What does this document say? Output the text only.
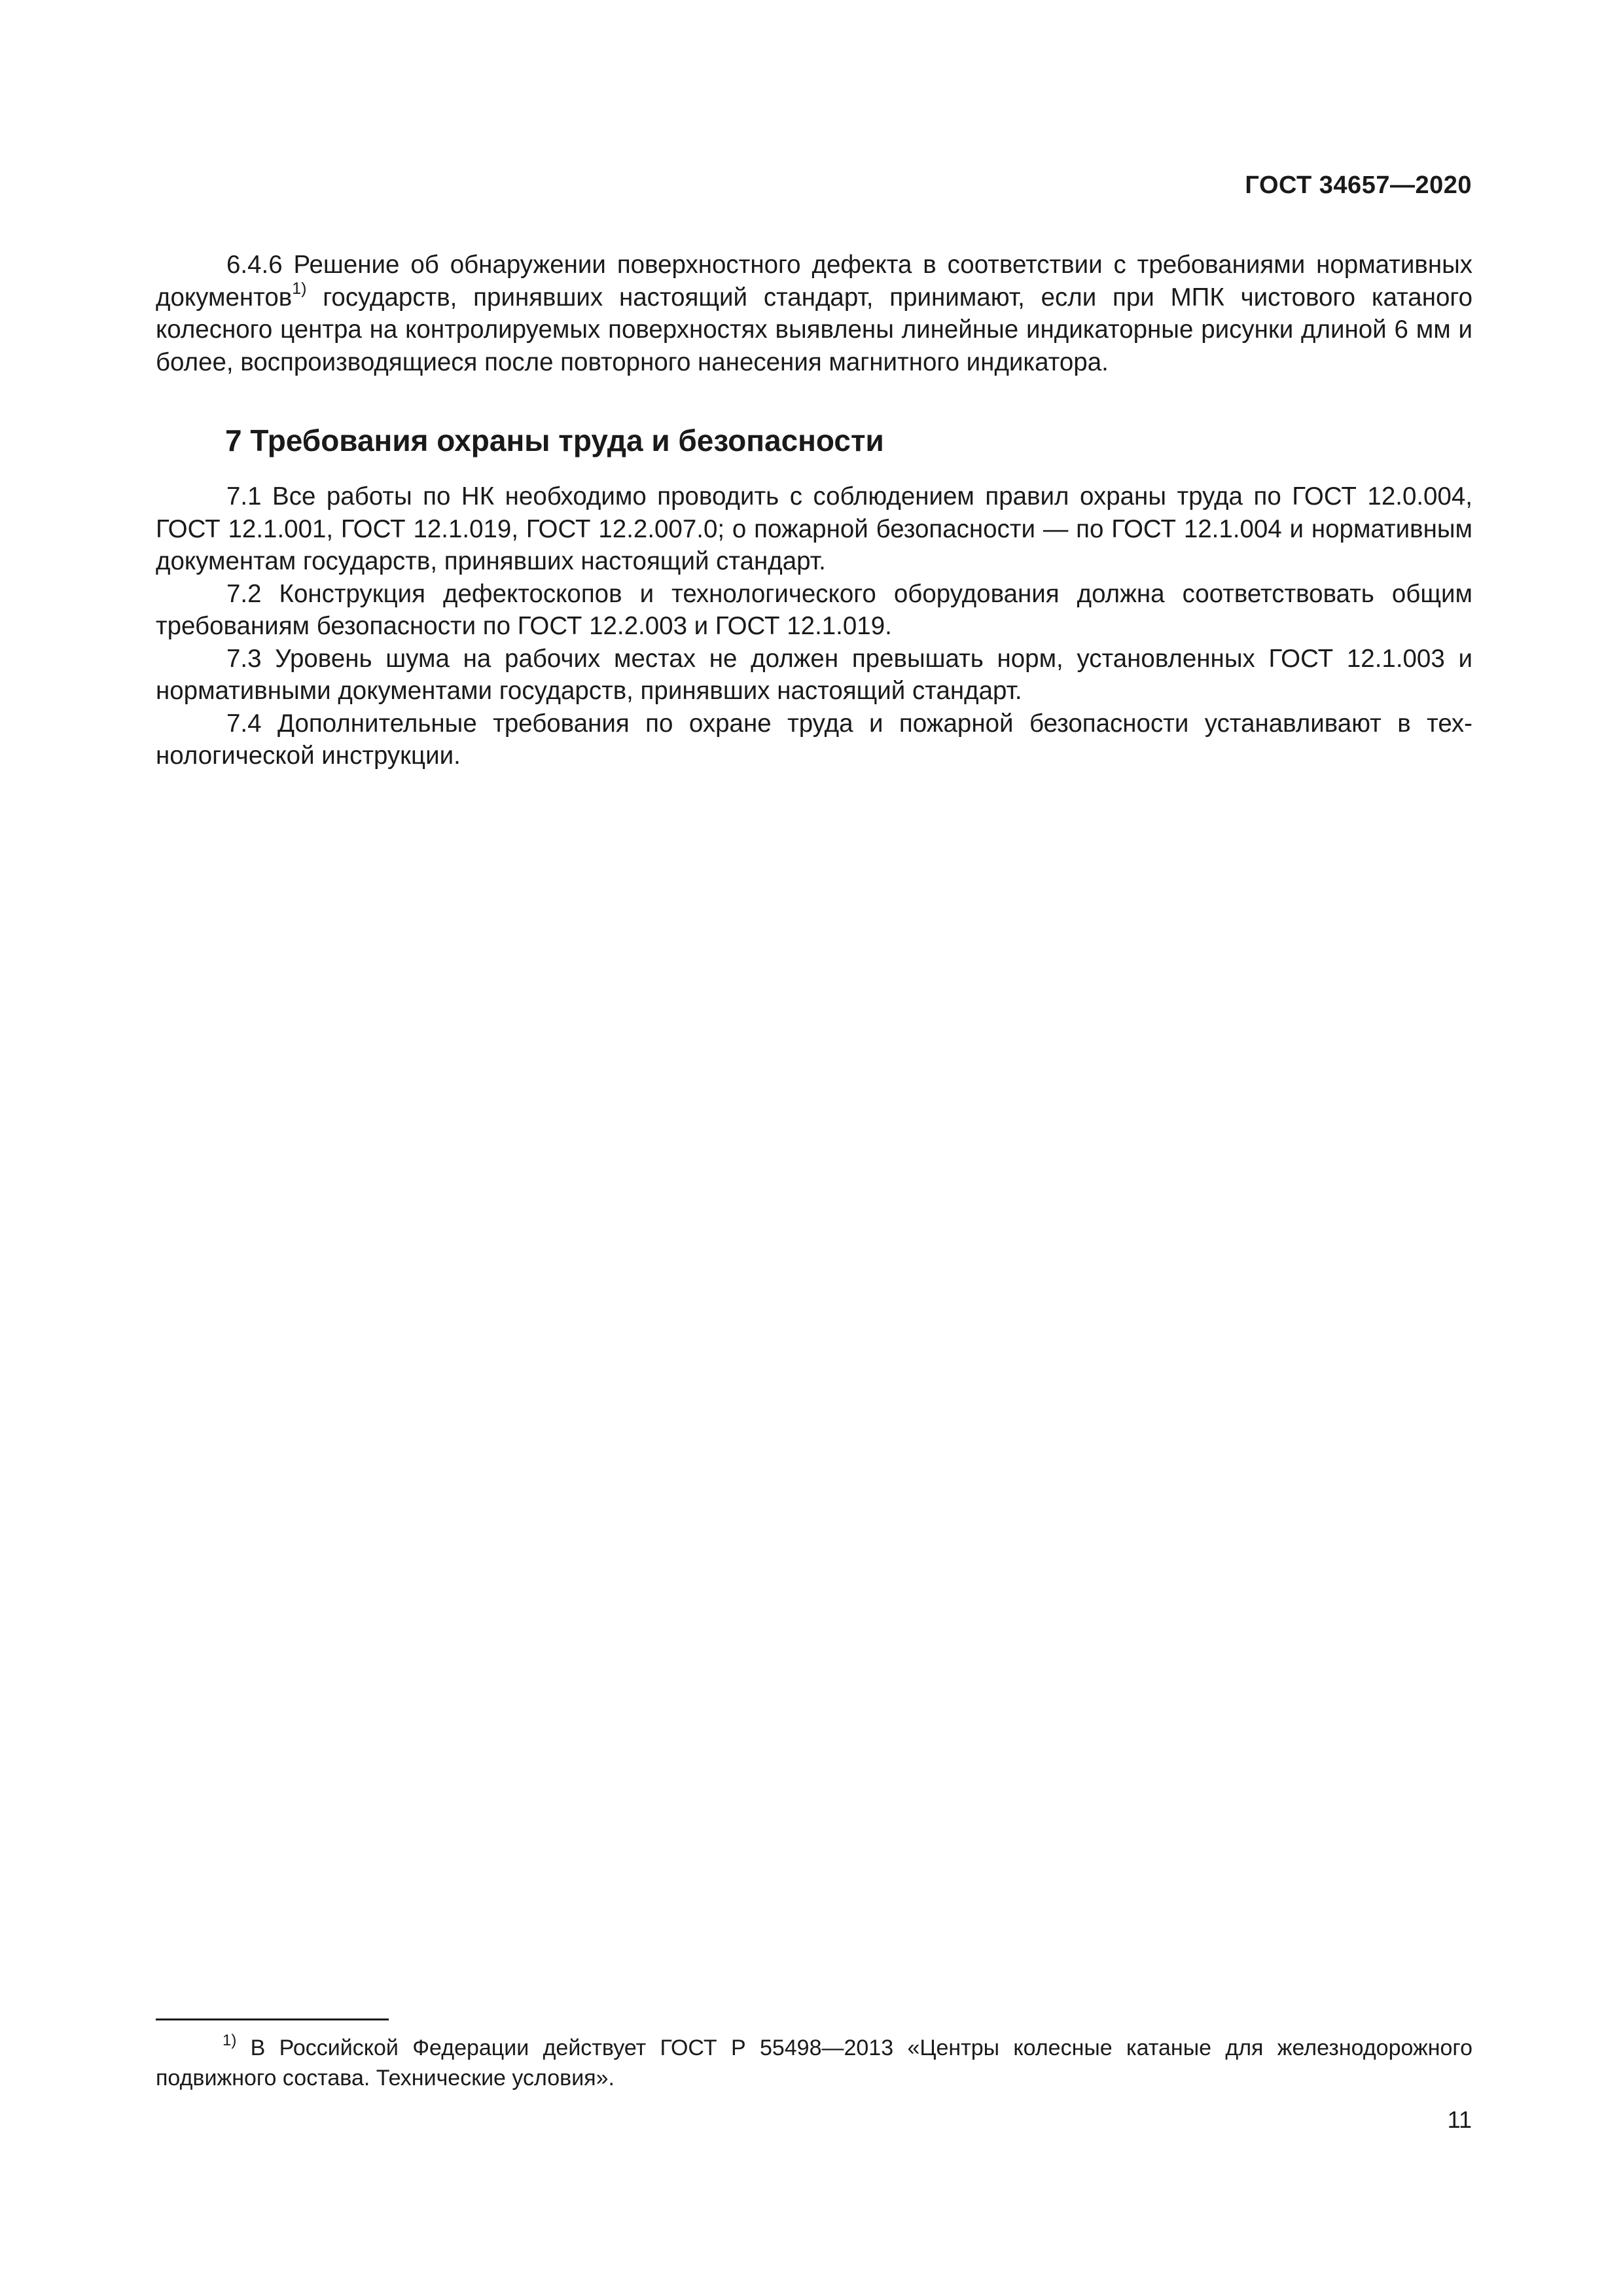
ГОСТ 34657—2020

6.4.6 Решение об обнаружении поверхностного дефекта в соответствии с требованиями нормативных документов$^{1)}$ государств, принявших настоящий стандарт, принимают, если при МПК чистового катаного колесного центра на контролируемых поверхностях выявлены линейные индикаторные рисунки длиной 6 мм и более, воспроизводящиеся после повторного нанесения магнитного индикатора.

7 Требования охраны труда и безопасности

7.1 Все работы по НК необходимо проводить с соблюдением правил охраны труда по ГОСТ 12.0.004, ГОСТ 12.1.001, ГОСТ 12.1.019, ГОСТ 12.2.007.0; о пожарной безопасности — по ГОСТ 12.1.004 и нормативным документам государств, принявших настоящий стандарт.

7.2 Конструкция дефектоскопов и технологического оборудования должна соответствовать общим требованиям безопасности по ГОСТ 12.2.003 и ГОСТ 12.1.019.

7.3 Уровень шума на рабочих местах не должен превышать норм, установленных ГОСТ 12.1.003 и нормативными документами государств, принявших настоящий стандарт.

7.4 Дополнительные требования по охране труда и пожарной безопасности устанавливают в технологической инструкции.

$^{1)}$ В Российской Федерации действует ГОСТ Р 55498—2013 «Центры колесные катаные для железнодорожного подвижного состава. Технические условия».

11
